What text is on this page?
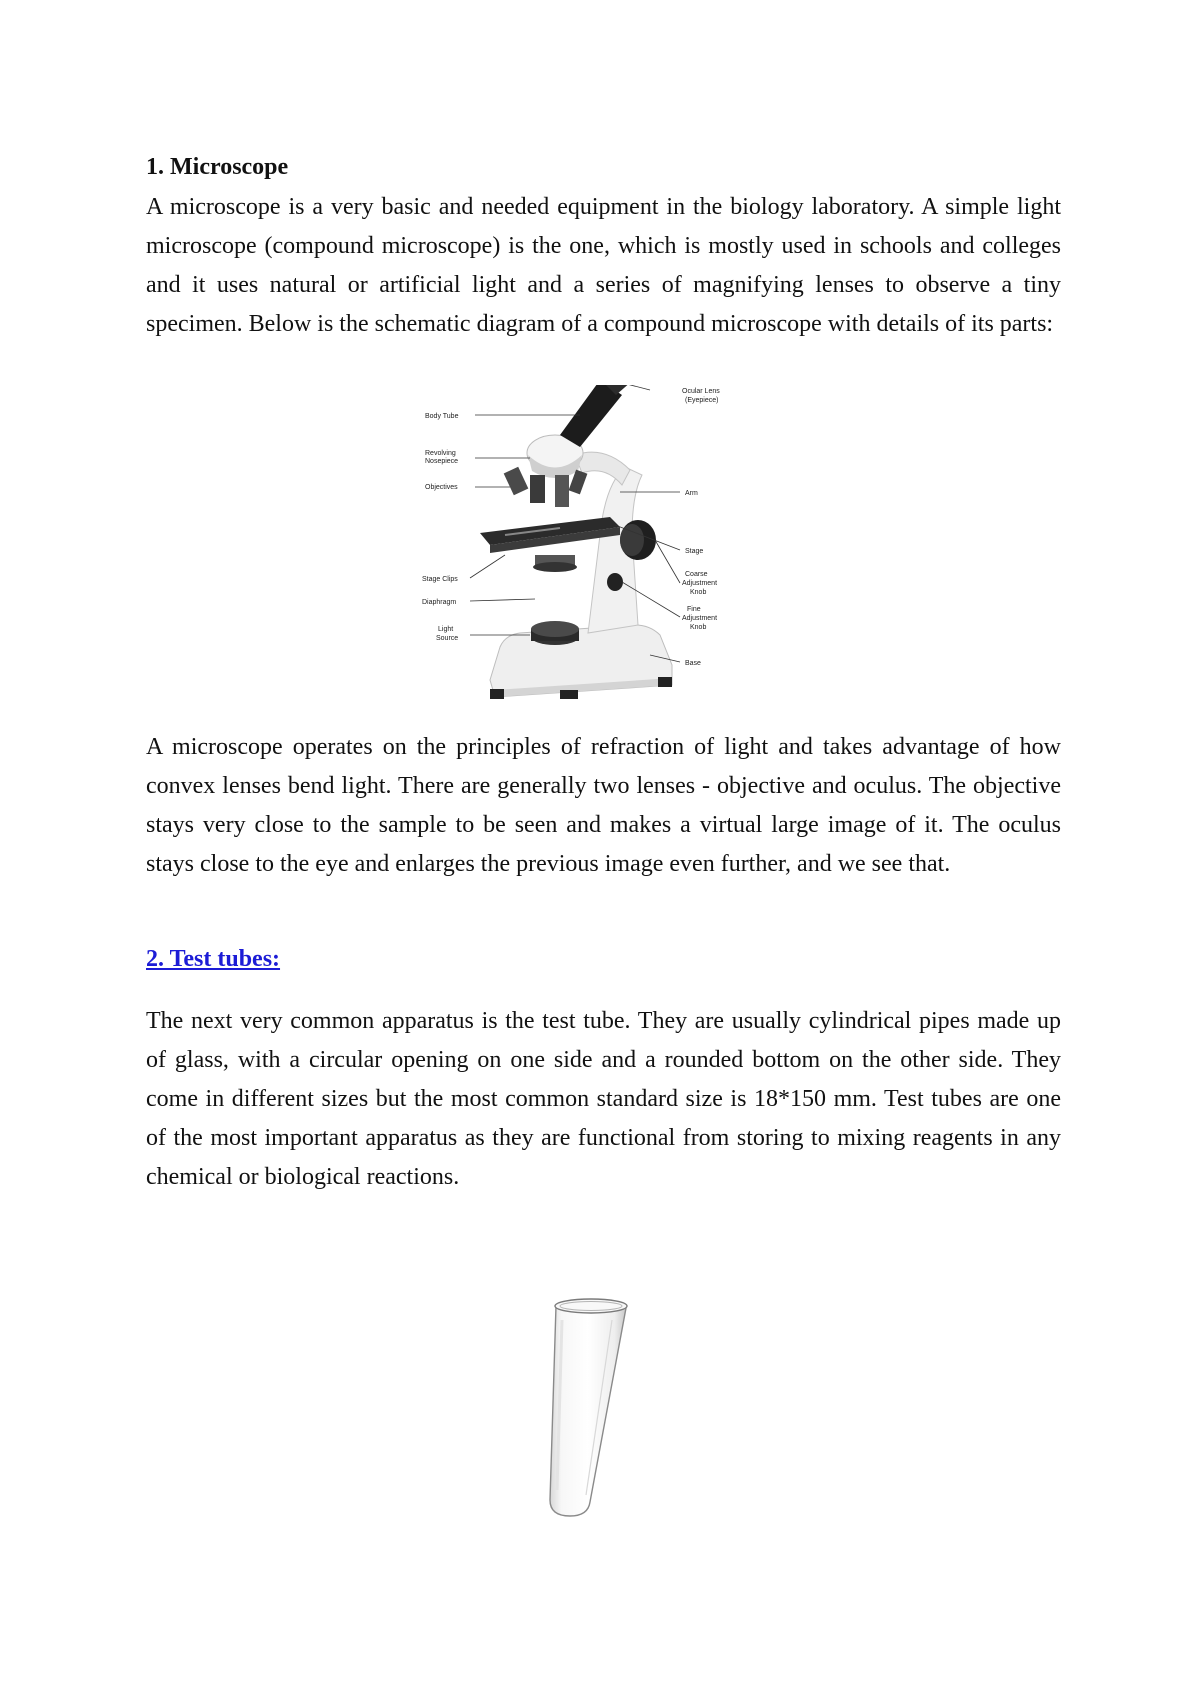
1. Microscope

A microscope is a very basic and needed equipment in the biology laboratory. A simple light microscope (compound microscope) is the one, which is mostly used in schools and colleges and it uses natural or artificial light and a series of magnifying lenses to observe a tiny specimen. Below is the schematic diagram of a compound microscope with details of its parts:

Ocular Lens
(Eyepiece)
Body Tube
Revolving
Nosepiece
Objectives
Arm
Stage
Stage Clips
Coarse
Adjustment
Knob
Diaphragm
Fine
Adjustment
Knob
Light
Source
Base

A microscope operates on the principles of refraction of light and takes advantage of how convex lenses bend light. There are generally two lenses - objective and oculus. The objective stays very close to the sample to be seen and makes a virtual large image of it. The oculus stays close to the eye and enlarges the previous image even further, and we see that.

2. Test tubes:

The next very common apparatus is the test tube. They are usually cylindrical pipes made up of glass, with a circular opening on one side and a rounded bottom on the other side. They come in different sizes but the most common standard size is 18*150 mm. Test tubes are one of the most important apparatus as they are functional from storing to mixing reagents in any chemical or biological reactions.
